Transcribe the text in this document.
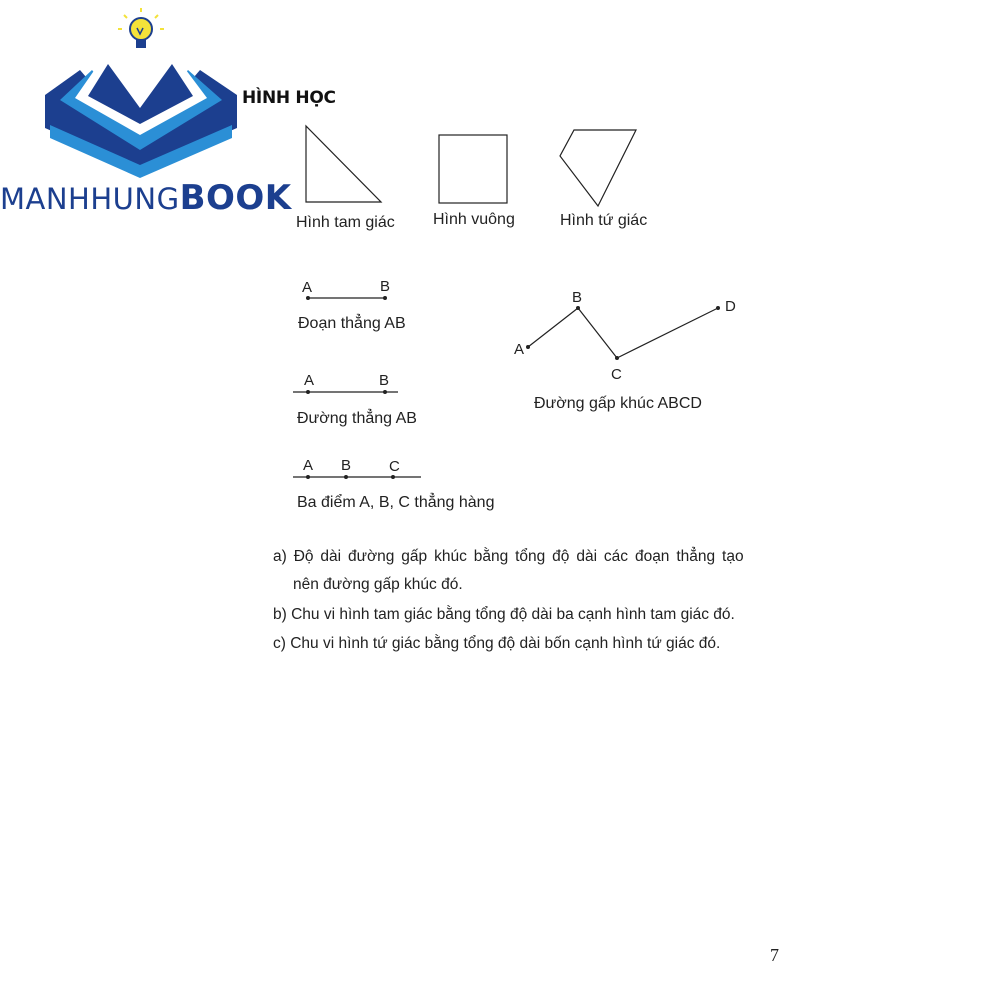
MANHHUNGBOOK
HÌNH HỌC
Hình tam giác Hình vuông	Hình tứ giác
A	B
Đoạn thẳng AB
A	B
Đường thẳng AB
A B	C
Ba điểm A, B, C thẳng hàng
A
B
C
D
Đường gấp khúc ABCD
a) Độ dài đường gấp khúc bằng tổng độ dài các đoạn thẳng tạo
nên đường gấp khúc đó.
b) Chu vi hình tam giác bằng tổng độ dài ba cạnh hình tam giác đó.
c) Chu vi hình tứ giác bằng tổng độ dài bốn cạnh hình tứ giác đó.
7
